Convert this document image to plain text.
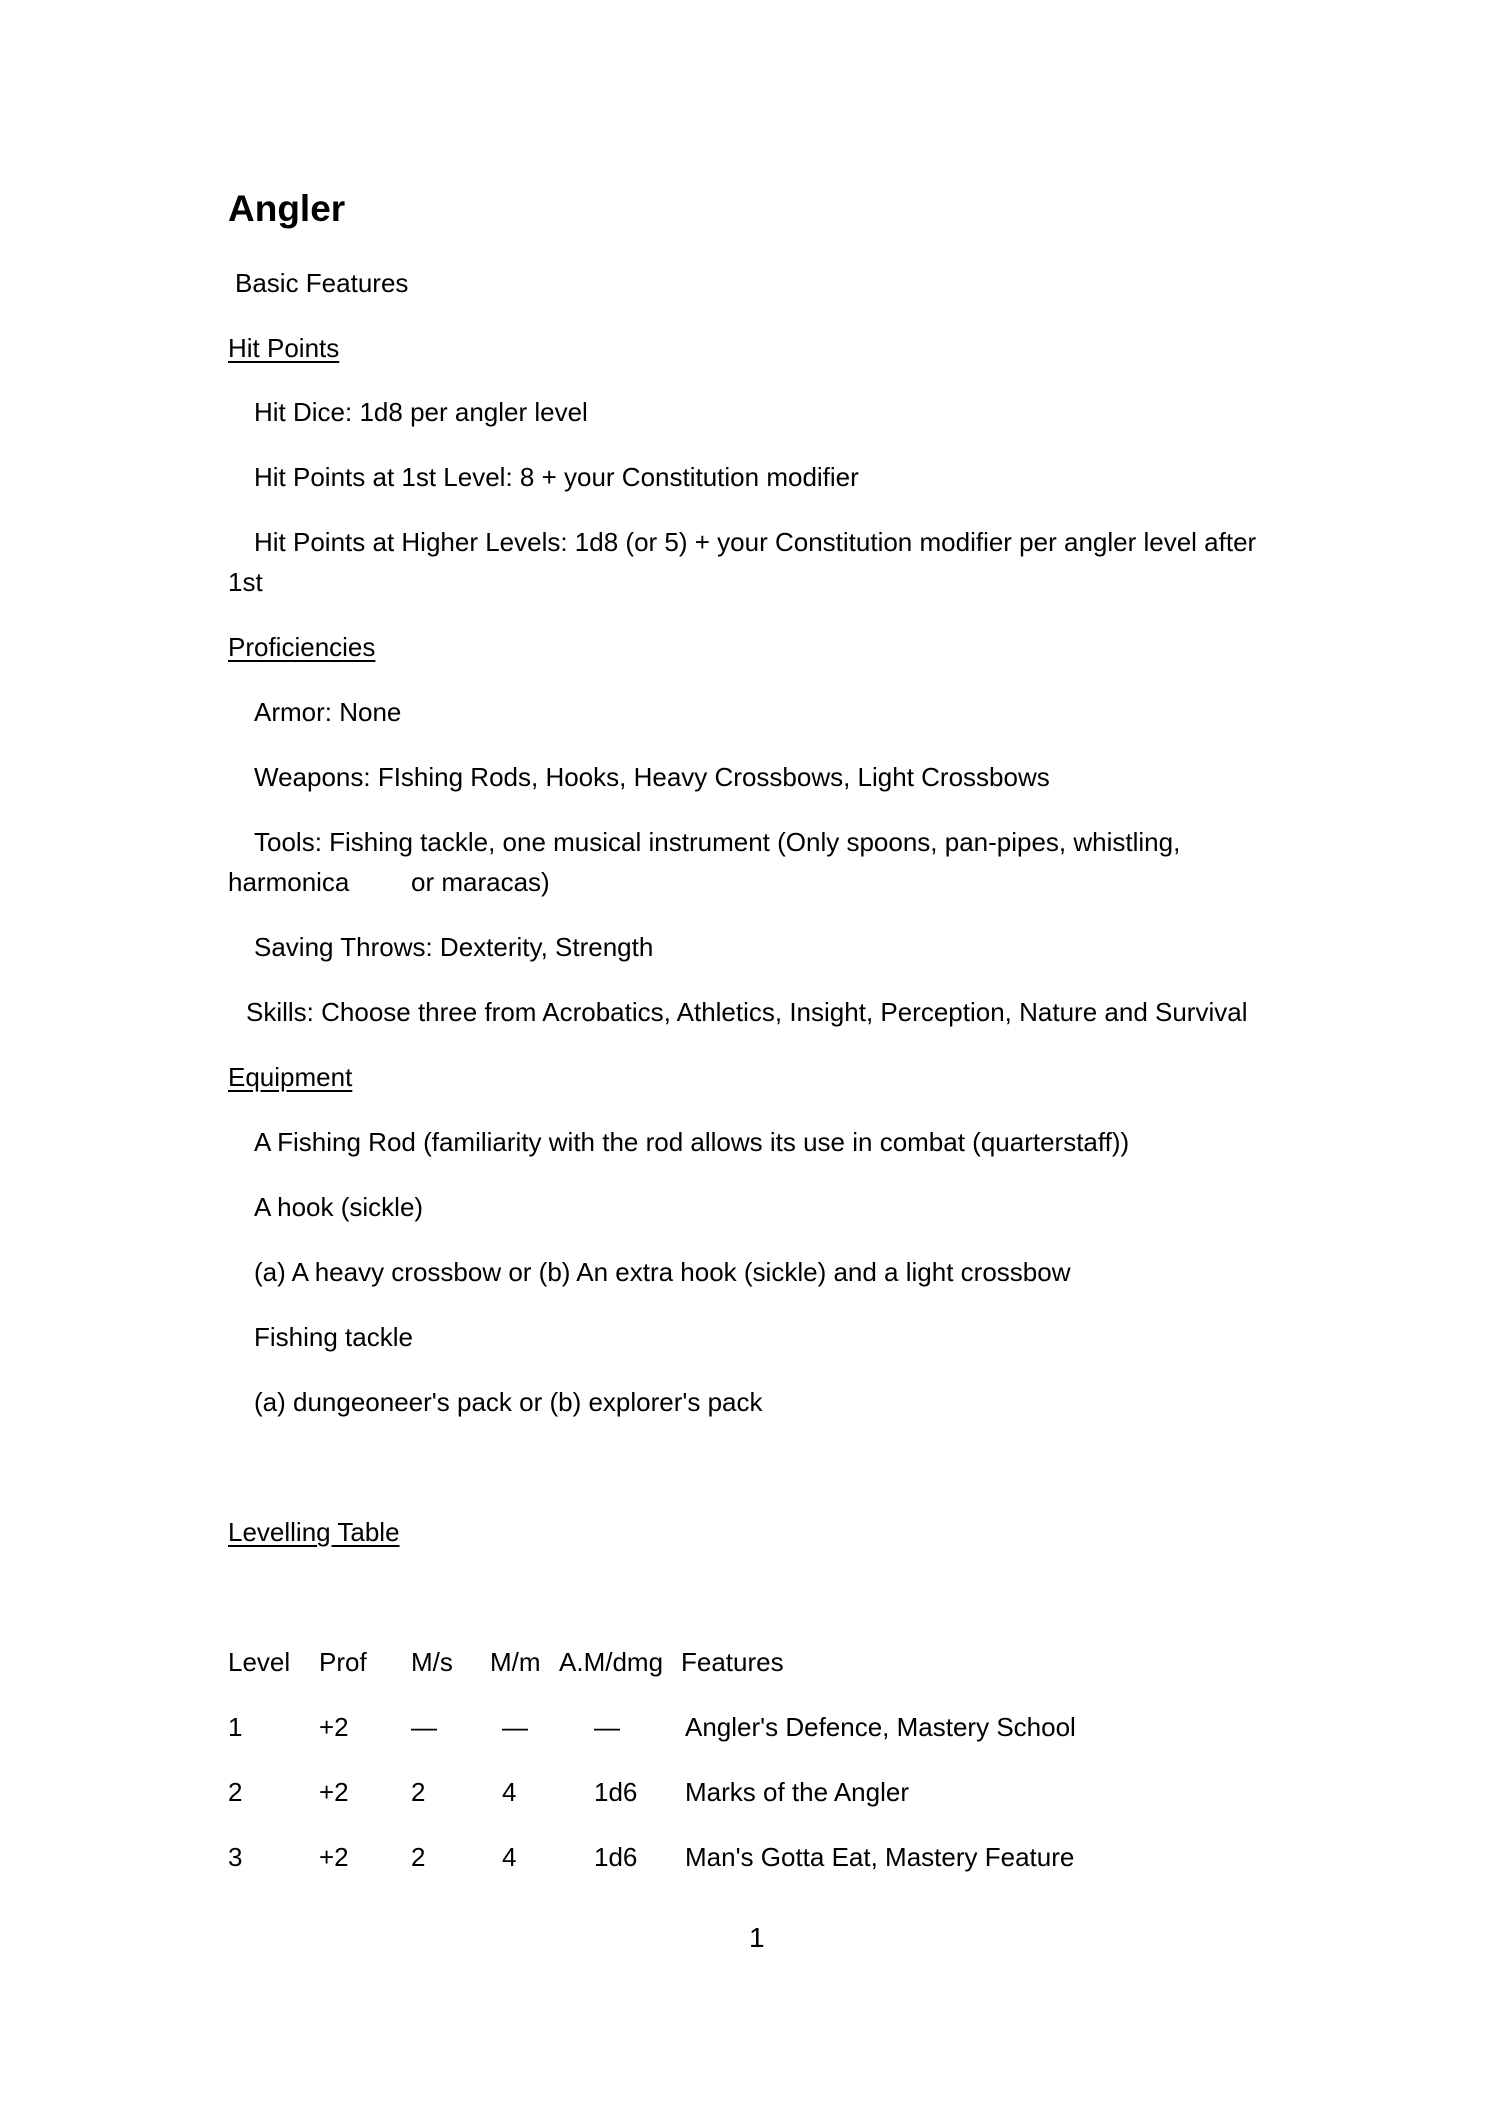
Angler
Basic Features
Hit Points
Hit Dice: 1d8 per angler level
Hit Points at 1st Level: 8 + your Constitution modifier
Hit Points at Higher Levels: 1d8 (or 5) + your Constitution modifier per angler level after
1st
Proficiencies
Armor: None
Weapons: FIshing Rods, Hooks, Heavy Crossbows, Light Crossbows
Tools: Fishing tackle, one musical instrument (Only spoons, pan-pipes, whistling,
harmonica or maracas)
Saving Throws: Dexterity, Strength
Skills: Choose three from Acrobatics, Athletics, Insight, Perception, Nature and Survival
Equipment
A Fishing Rod (familiarity with the rod allows its use in combat (quarterstaff))
A hook (sickle)
(a) A heavy crossbow or (b) An extra hook (sickle) and a light crossbow
Fishing tackle
(a) dungeoneer's pack or (b) explorer's pack
Levelling Table
Level Prof M/s M/m A.M/dmg Features
1	+2 —	—	—	Angler's Defence, Mastery School
2	+2 2	4	1d6 Marks of the Angler
3	+2 2	4	1d6 Man's Gotta Eat, Mastery Feature
1
